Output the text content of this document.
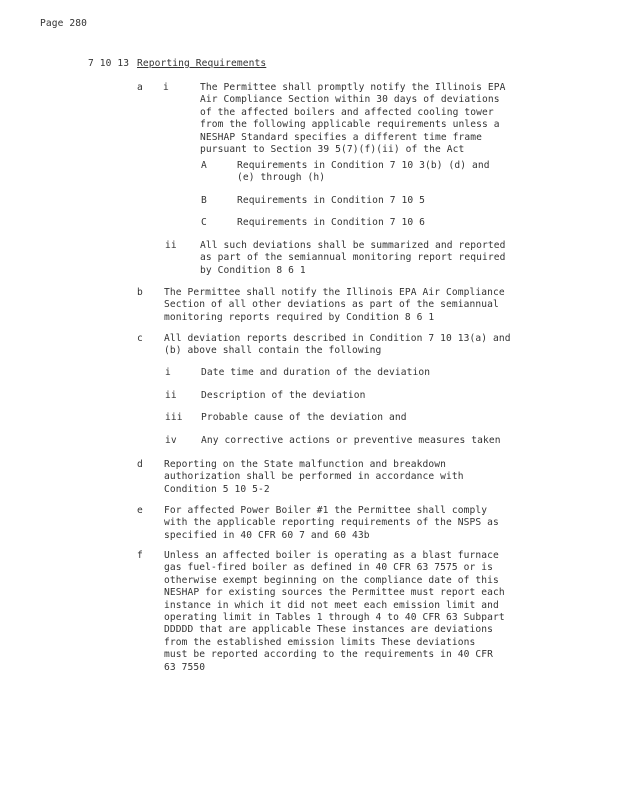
Page 280
7 10 13 Reporting Requirements
a i	The Permittee shall promptly notify the Illinois EPA
Air Compliance Section within 30 days of deviations
of the affected boilers and affected cooling tower
from the following applicable requirements unless a
NESHAP Standard specifies a different time frame
pursuant to Section 39 5(7)(f)(ii) of the Act
A	Requirements in Condition 7 10 3(b) (d) and
(e) through (h)
B	Requirements in Condition 7 10 5
C	Requirements in Condition 7 10 6
ii All such deviations shall be summarized and reported
as part of the semiannual monitoring report required
by Condition 8 6 1
b The Permittee shall notify the Illinois EPA Air Compliance
Section of all other deviations as part of the semiannual
monitoring reports required by Condition 8 6 1
c All deviation reports described in Condition 7 10 13(a) and
(b) above shall contain the following
i	Date time and duration of the deviation
ii	Description of the deviation
iii Probable cause of the deviation and
iv	Any corrective actions or preventive measures taken
d Reporting on the State malfunction and breakdown
authorization shall be performed in accordance with
Condition 5 10 5-2
e For affected Power Boiler #1 the Permittee shall comply
with the applicable reporting requirements of the NSPS as
specified in 40 CFR 60 7 and 60 43b
f Unless an affected boiler is operating as a blast furnace
gas fuel-fired boiler as defined in 40 CFR 63 7575 or is
otherwise exempt beginning on the compliance date of this
NESHAP for existing sources the Permittee must report each
instance in which it did not meet each emission limit and
operating limit in Tables 1 through 4 to 40 CFR 63 Subpart
DDDDD that are applicable These instances are deviations
from the established emission limits These deviations
must be reported according to the requirements in 40 CFR
63 7550
